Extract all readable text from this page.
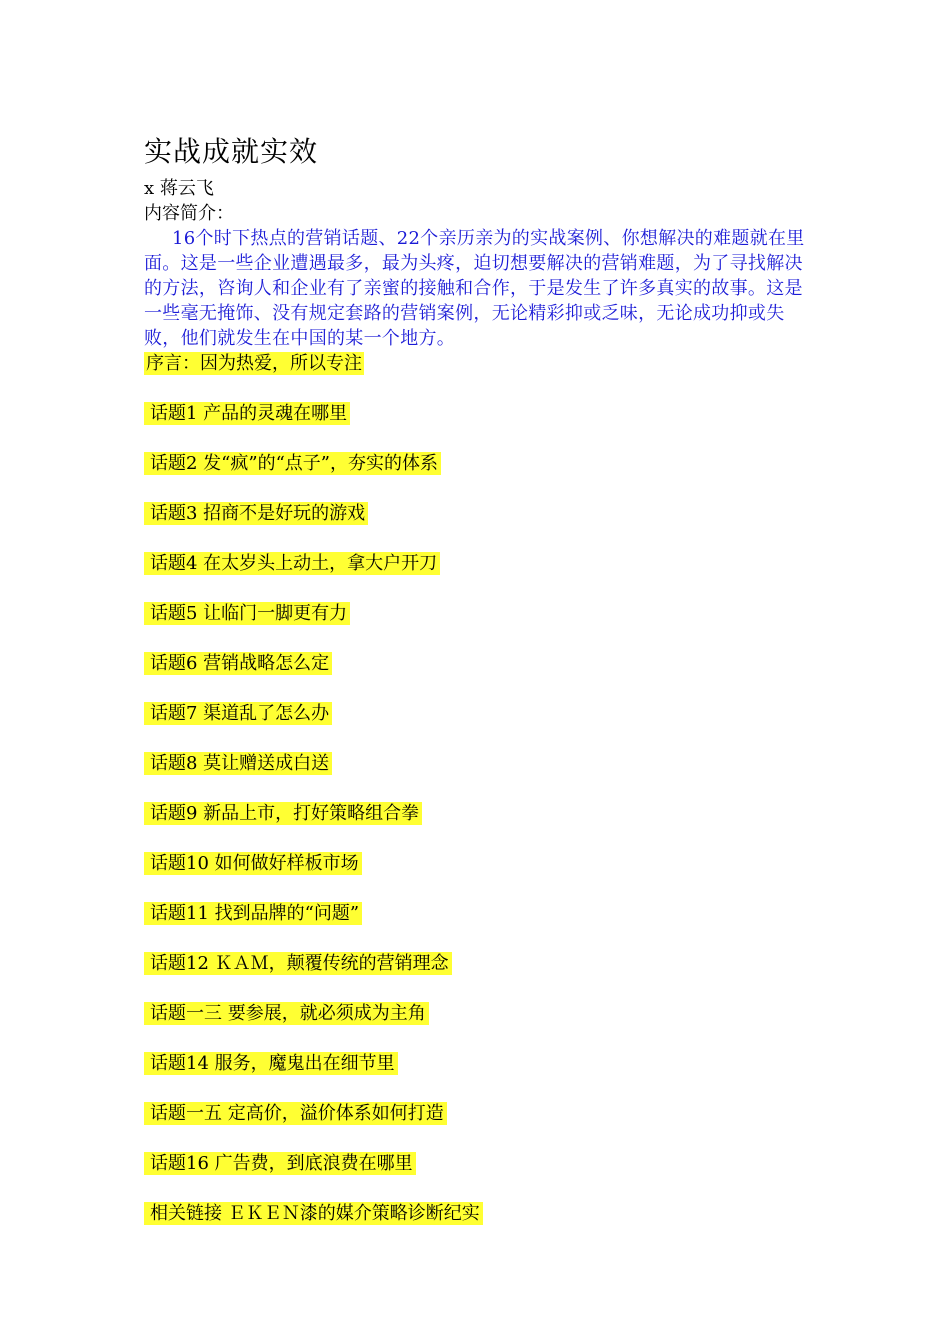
实战成就实效

x 蒋云飞

内容简介：

16个时下热点的营销话题、22个亲历亲为的实战案例、你想解决的难题就在里面。这是一些企业遭遇最多，最为头疼，迫切想要解决的营销难题，为了寻找解决的方法，咨询人和企业有了亲蜜的接触和合作，于是发生了许多真实的故事。这是一些毫无掩饰、没有规定套路的营销案例，无论精彩抑或乏味，无论成功抑或失败，他们就发生在中国的某一个地方。

序言：因为热爱，所以专注

话题1 产品的灵魂在哪里
话题2 发“疯”的“点子”，夯实的体系
话题3 招商不是好玩的游戏
话题4 在太岁头上动土，拿大户开刀
话题5 让临门一脚更有力
话题6 营销战略怎么定
话题7 渠道乱了怎么办
话题8 莫让赠送成白送
话题9 新品上市，打好策略组合拳
话题10 如何做好样板市场
话题11 找到品牌的“问题”
话题12 ＫＡＭ，颠覆传统的营销理念
话题一三 要参展，就必须成为主角
话题14 服务，魔鬼出在细节里
话题一五 定高价，溢价体系如何打造
话题16 广告费，到底浪费在哪里
相关链接 ＥＫＥＮ漆的媒介策略诊断纪实
